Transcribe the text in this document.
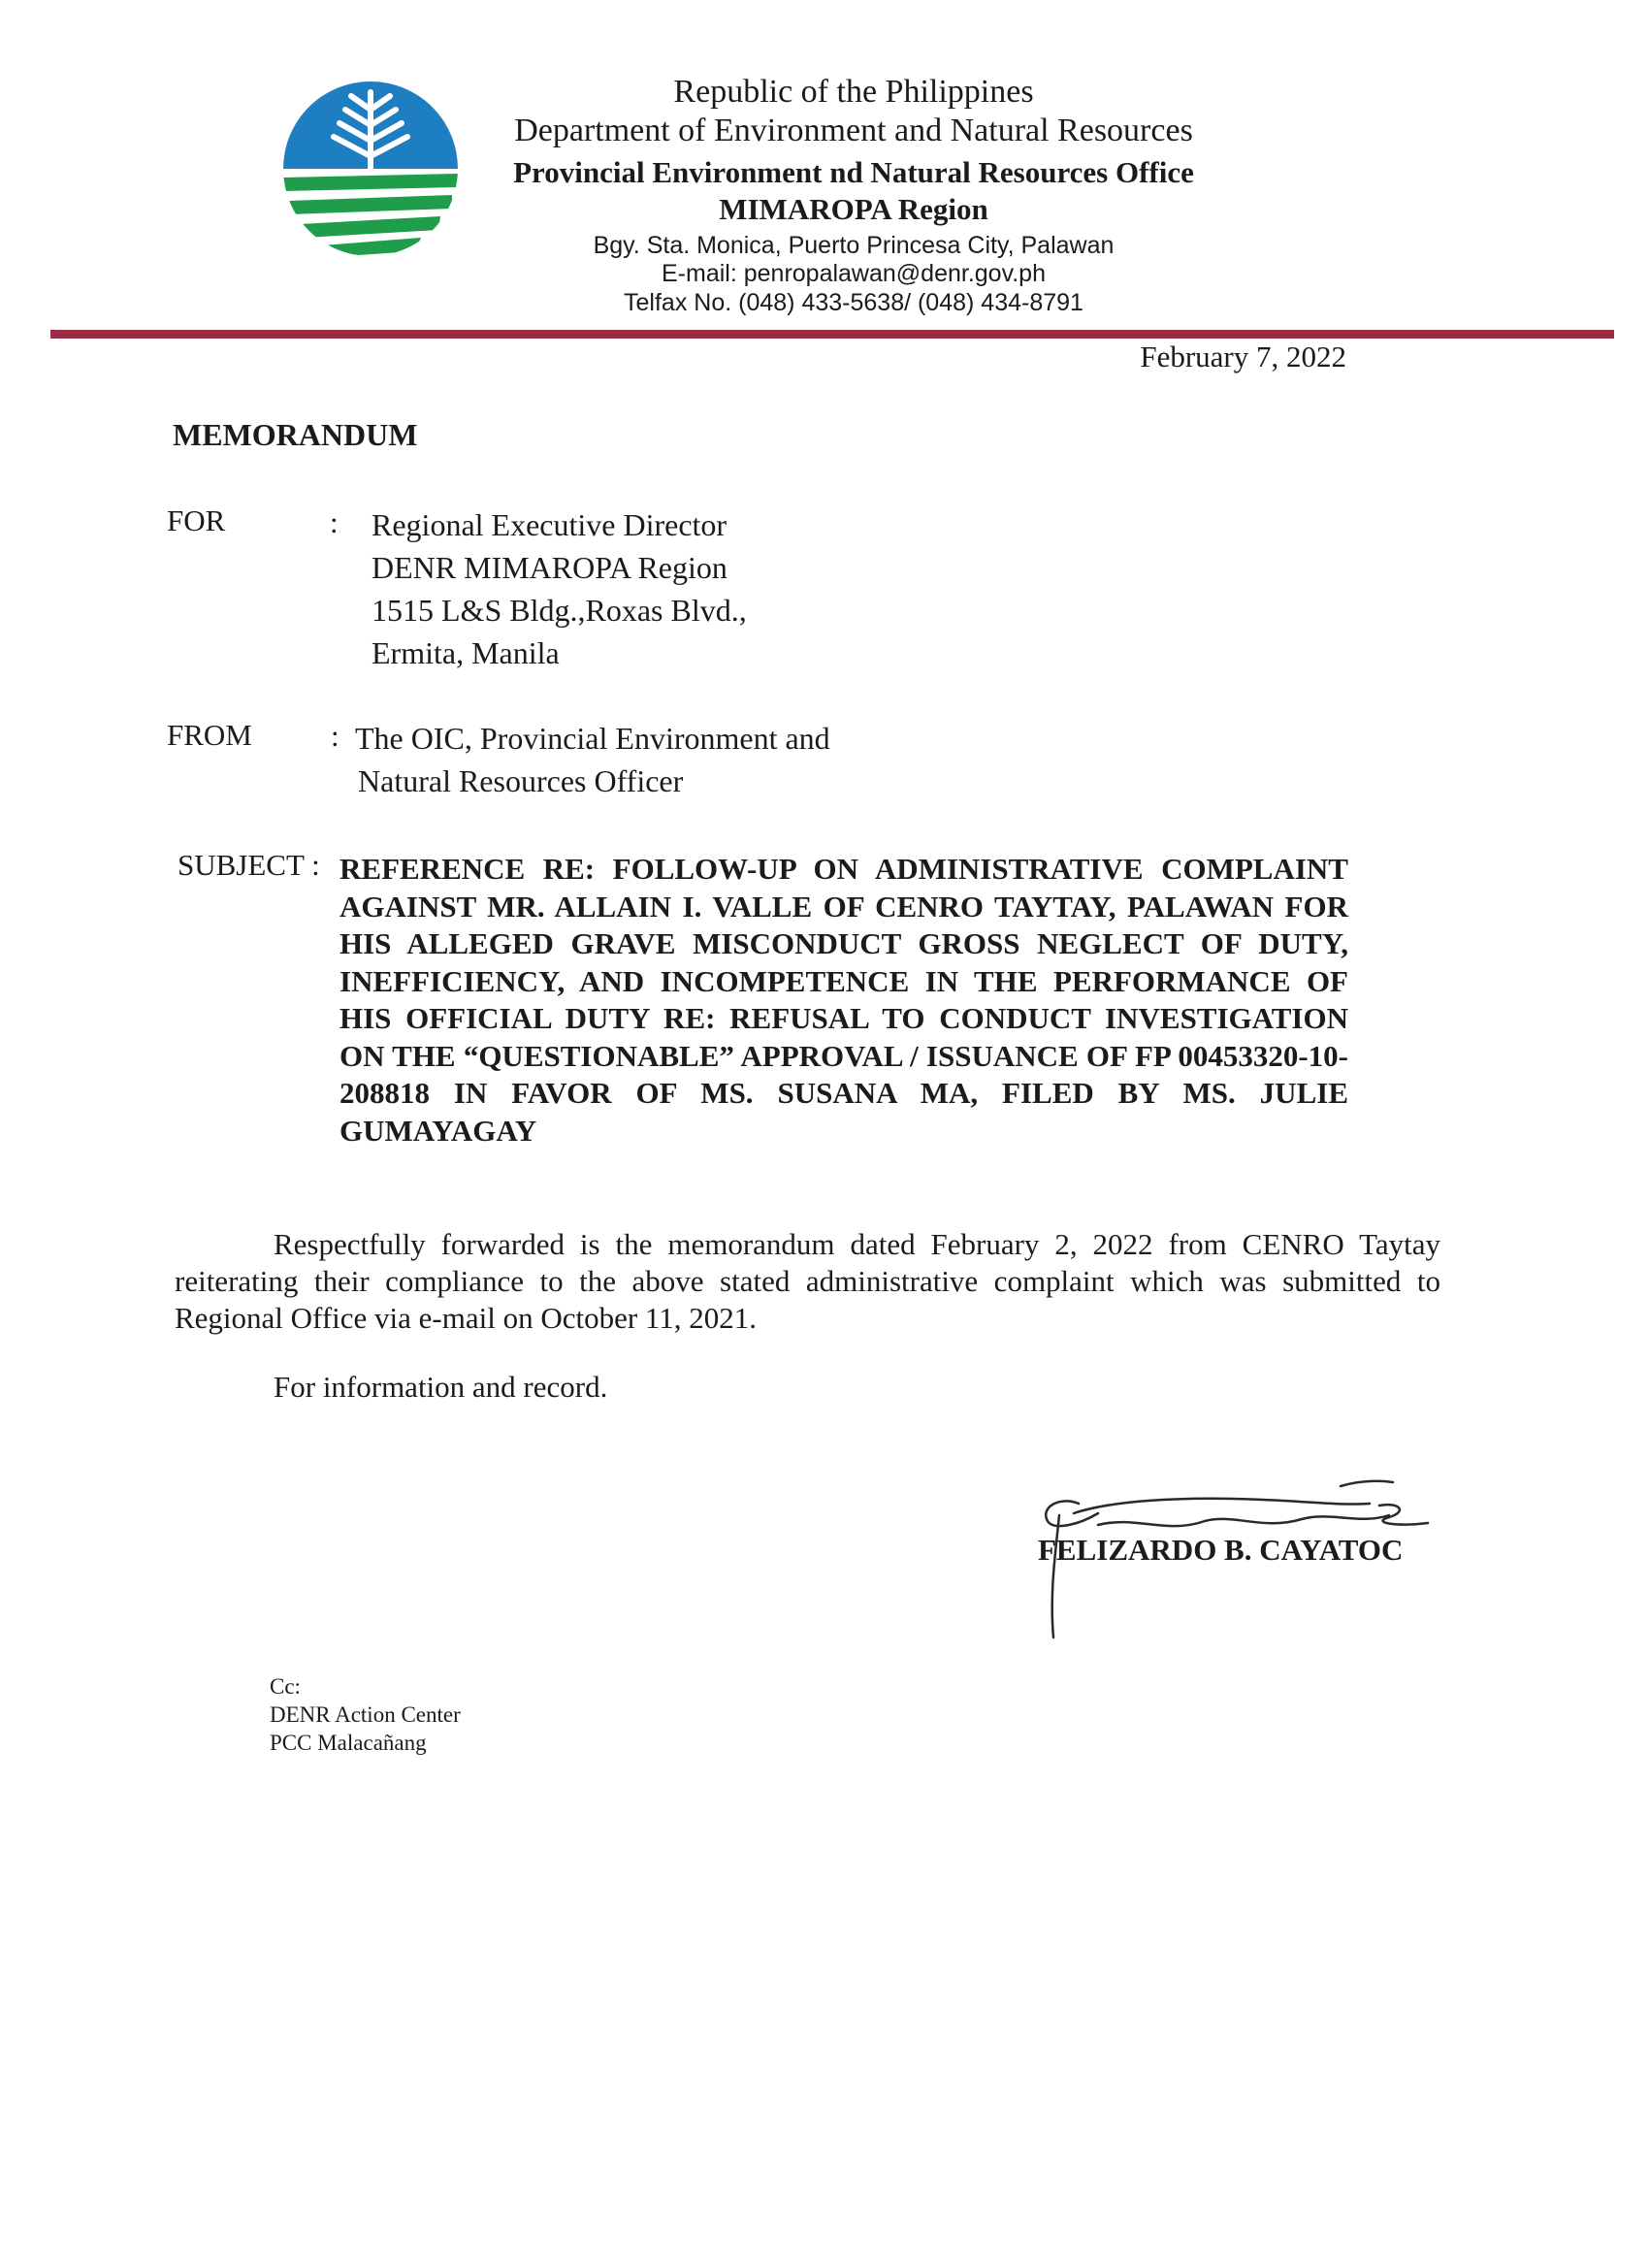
Republic of the Philippines
Department of Environment and Natural Resources
Provincial Environment nd Natural Resources Office
MIMAROPA Region
Bgy. Sta. Monica, Puerto Princesa City, Palawan
E-mail: penropalawan@denr.gov.ph
Telfax No. (048) 433-5638/ (048) 434-8791
February 7, 2022
MEMORANDUM
FOR	: Regional Executive Director
DENR MIMAROPA Region
1515 L&S Bldg.,Roxas Blvd.,
Ermita, Manila
FROM	: The OIC, Provincial Environment and
Natural Resources Officer
SUBJECT : REFERENCE RE: FOLLOW-UP ON ADMINISTRATIVE COMPLAINT AGAINST MR. ALLAIN I. VALLE OF CENRO TAYTAY, PALAWAN FOR HIS ALLEGED GRAVE MISCONDUCT GROSS NEGLECT OF DUTY, INEFFICIENCY, AND INCOMPETENCE IN THE PERFORMANCE OF HIS OFFICIAL DUTY RE: REFUSAL TO CONDUCT INVESTIGATION ON THE “QUESTIONABLE” APPROVAL / ISSUANCE OF FP 00453320-10-208818 IN FAVOR OF MS. SUSANA MA, FILED BY MS. JULIE GUMAYAGAY
Respectfully forwarded is the memorandum dated February 2, 2022 from CENRO Taytay reiterating their compliance to the above stated administrative complaint which was submitted to Regional Office via e-mail on October 11, 2021.
For information and record.
FELIZARDO B. CAYATOC
Cc:
DENR Action Center
PCC Malacañang
